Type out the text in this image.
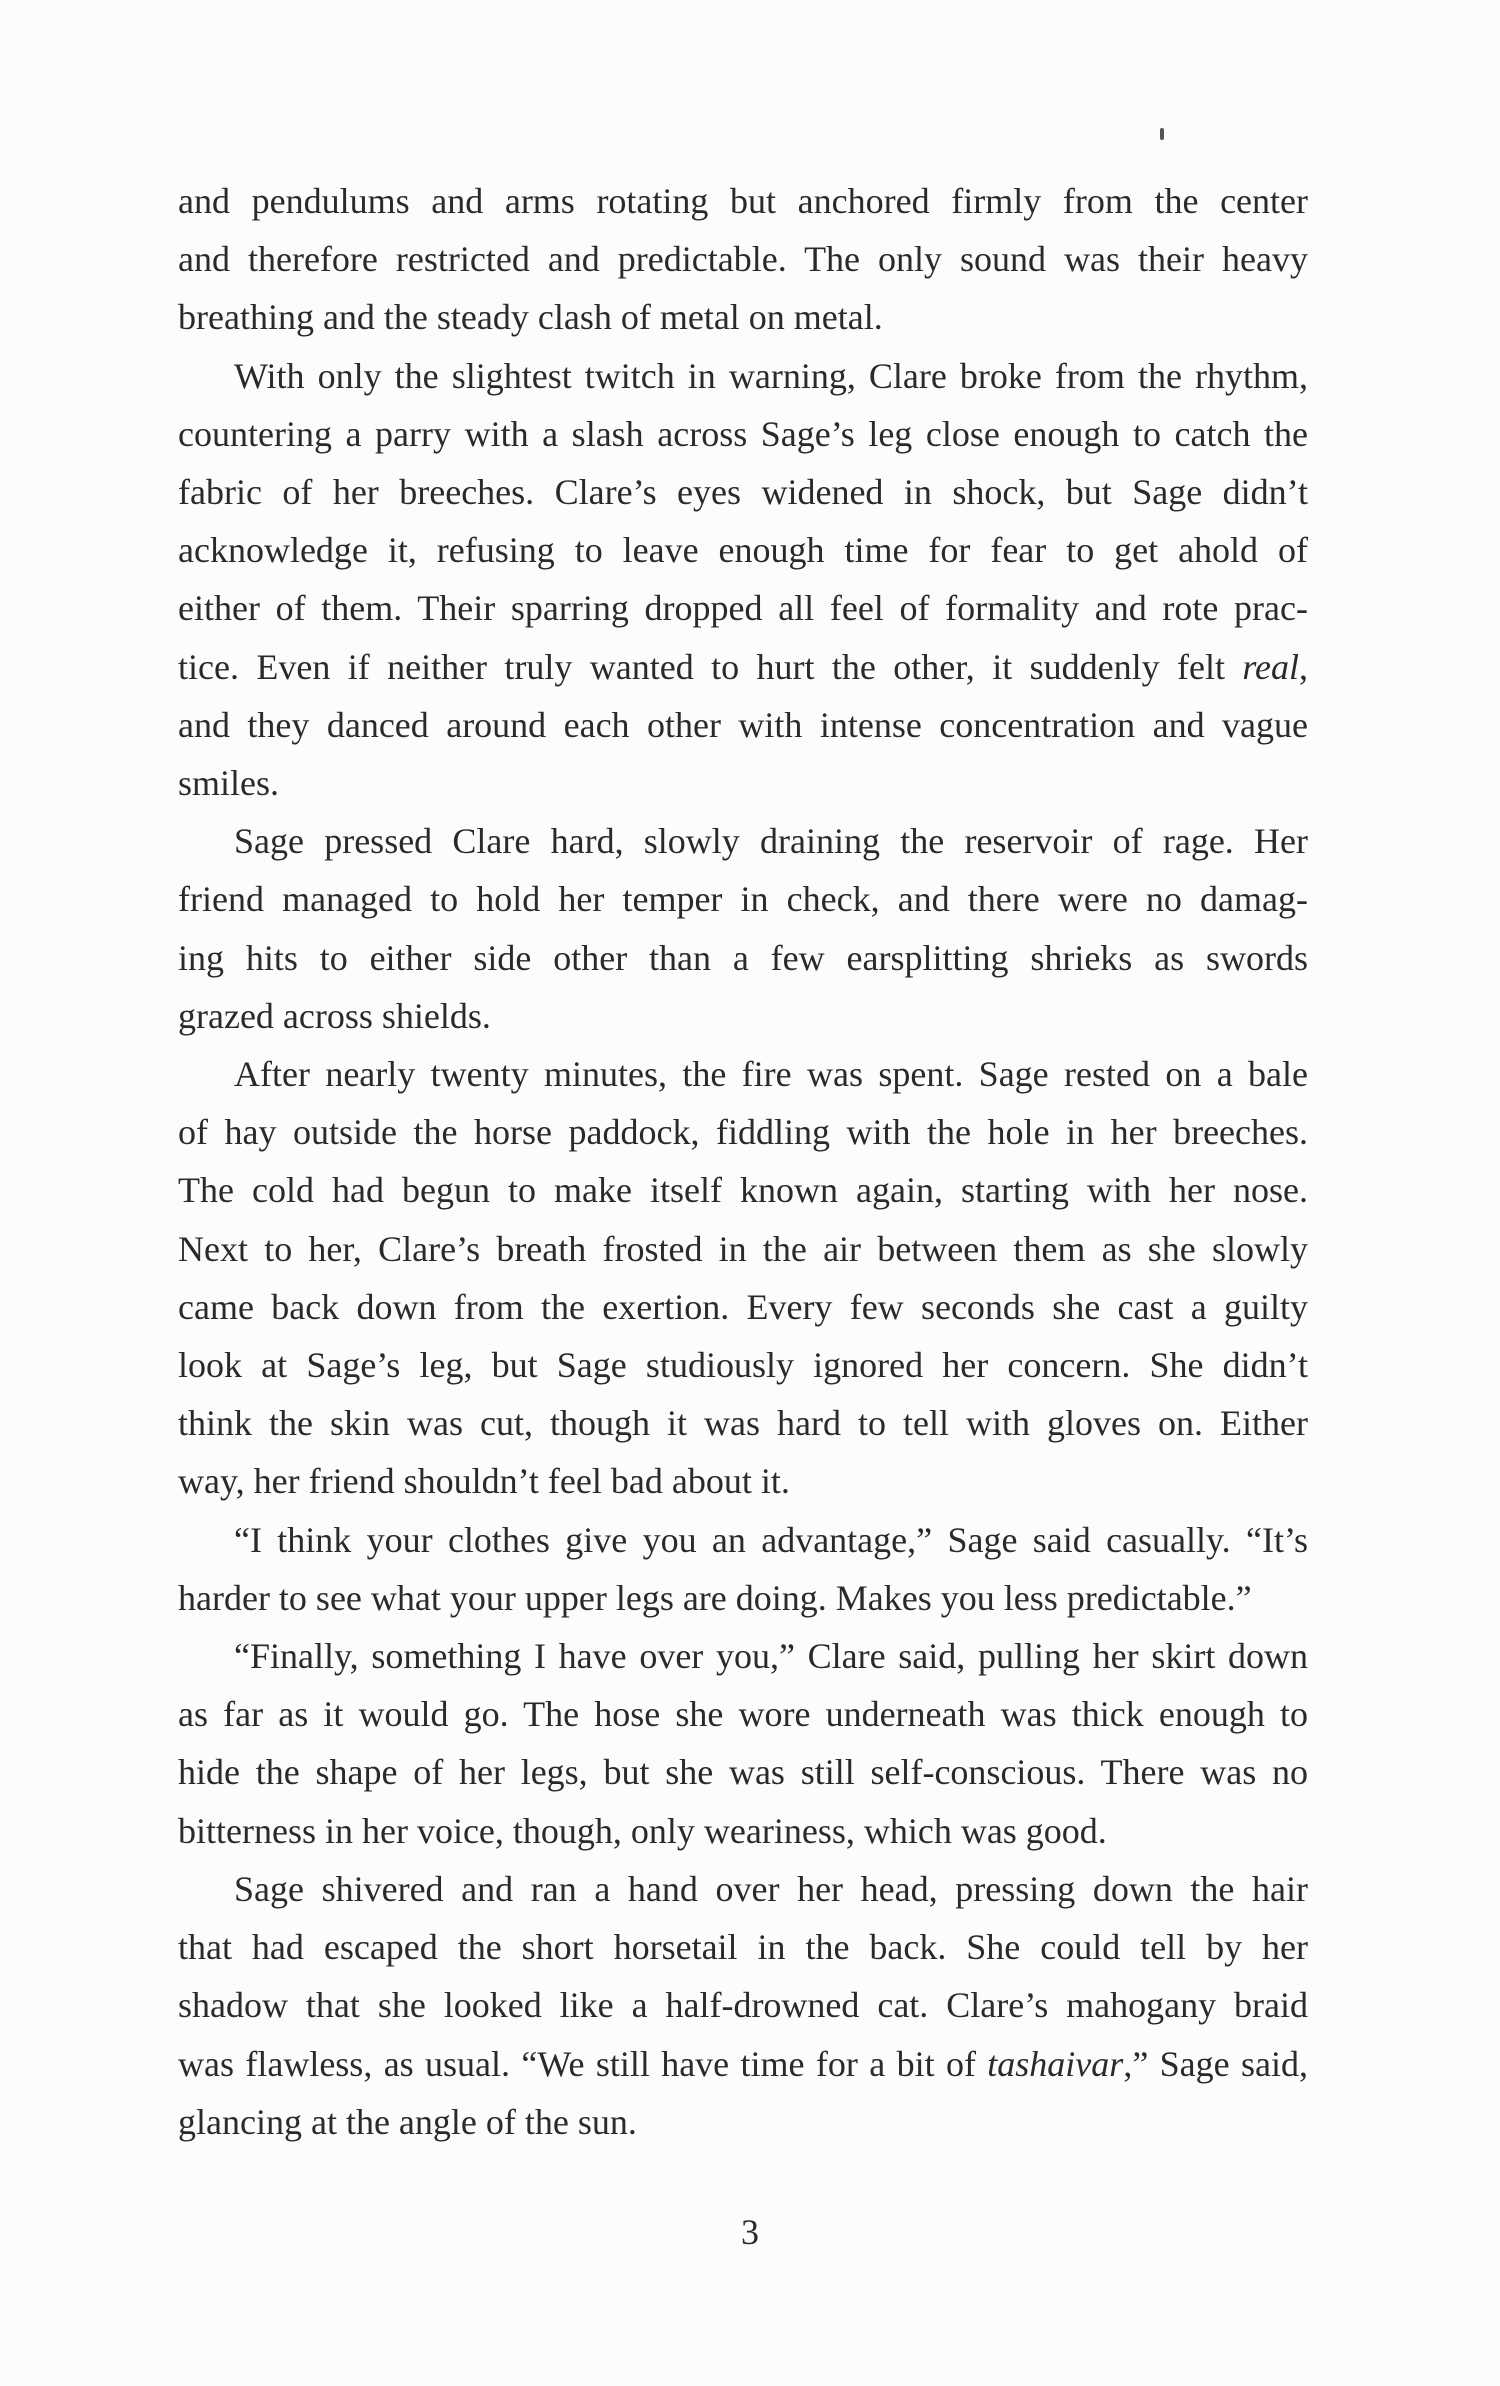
and pendulums and arms rotating but anchored firmly from the center

and therefore restricted and predictable. The only sound was their heavy

breathing and the steady clash of metal on metal.

With only the slightest twitch in warning, Clare broke from the rhythm,

countering a parry with a slash across Sage’s leg close enough to catch the

fabric of her breeches. Clare’s eyes widened in shock, but Sage didn’t

acknowledge it, refusing to leave enough time for fear to get ahold of

either of them. Their sparring dropped all feel of formality and rote prac-

tice. Even if neither truly wanted to hurt the other, it suddenly felt real,

and they danced around each other with intense concentration and vague

smiles.

Sage pressed Clare hard, slowly draining the reservoir of rage. Her

friend managed to hold her temper in check, and there were no damag-

ing hits to either side other than a few earsplitting shrieks as swords

grazed across shields.

After nearly twenty minutes, the fire was spent. Sage rested on a bale

of hay outside the horse paddock, fiddling with the hole in her breeches.

The cold had begun to make itself known again, starting with her nose.

Next to her, Clare’s breath frosted in the air between them as she slowly

came back down from the exertion. Every few seconds she cast a guilty

look at Sage’s leg, but Sage studiously ignored her concern. She didn’t

think the skin was cut, though it was hard to tell with gloves on. Either

way, her friend shouldn’t feel bad about it.

“I think your clothes give you an advantage,” Sage said casually. “It’s

harder to see what your upper legs are doing. Makes you less predictable.”

“Finally, something I have over you,” Clare said, pulling her skirt down

as far as it would go. The hose she wore underneath was thick enough to

hide the shape of her legs, but she was still self-conscious. There was no

bitterness in her voice, though, only weariness, which was good.

Sage shivered and ran a hand over her head, pressing down the hair

that had escaped the short horsetail in the back. She could tell by her

shadow that she looked like a half-drowned cat. Clare’s mahogany braid

was flawless, as usual. “We still have time for a bit of tashaivar,” Sage said,

glancing at the angle of the sun.

3
